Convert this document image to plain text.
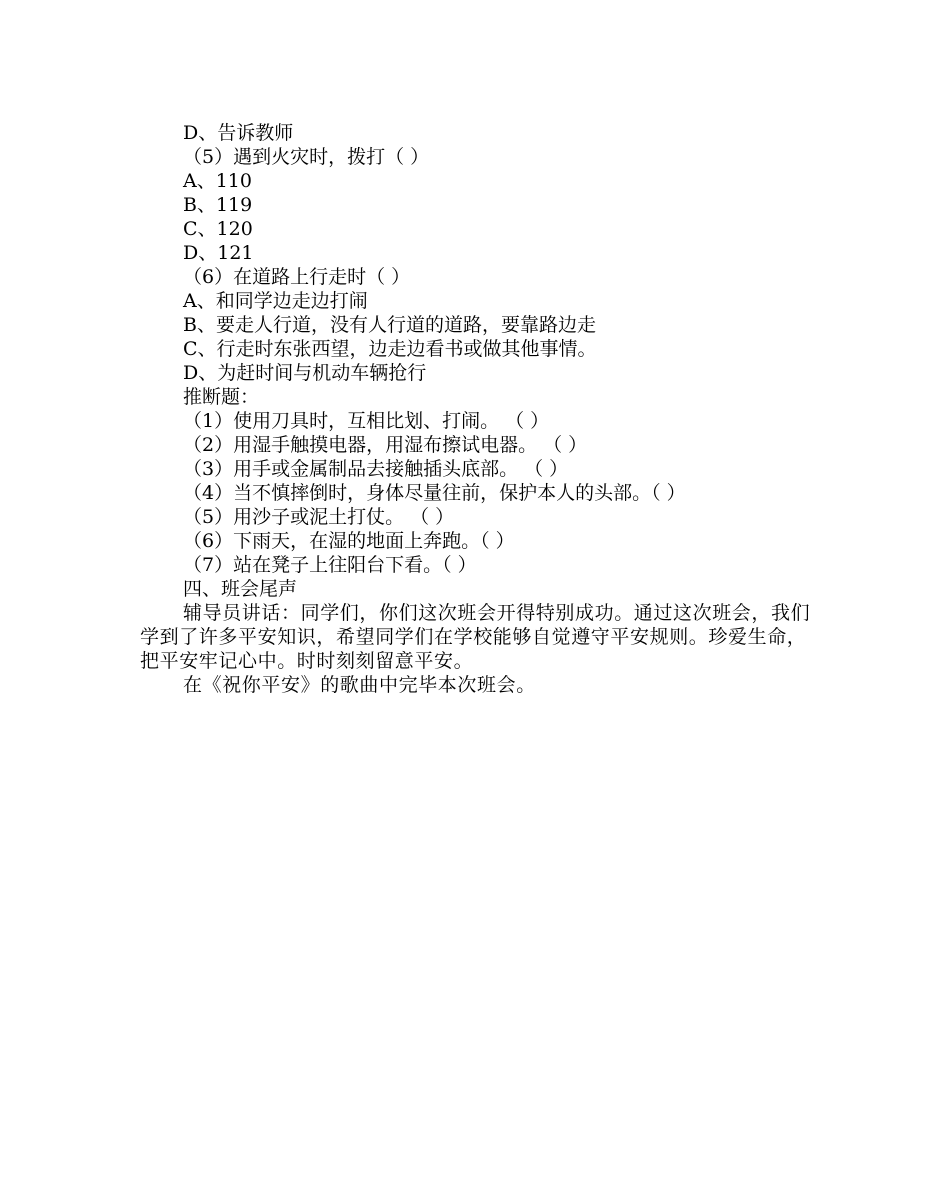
D、告诉教师

（5）遇到火灾时，拨打（ ）

A、110

B、119

C、120

D、121

（6）在道路上行走时（ ）

A、和同学边走边打闹

B、要走人行道，没有人行道的道路，要靠路边走

C、行走时东张西望，边走边看书或做其他事情。

D、为赶时间与机动车辆抢行

推断题：

（1）使用刀具时，互相比划、打闹。 （ ）

（2）用湿手触摸电器，用湿布擦试电器。 （ ）

（3）用手或金属制品去接触插头底部。 （ ）

（4）当不慎摔倒时，身体尽量往前，保护本人的头部。（ ）

（5）用沙子或泥土打仗。 （ ）

（6）下雨天，在湿的地面上奔跑。（ ）

（7）站在凳子上往阳台下看。（ ）

四、班会尾声

辅导员讲话：同学们，你们这次班会开得特别成功。通过这次班会，我们学到了许多平安知识，希望同学们在学校能够自觉遵守平安规则。珍爱生命，把平安牢记心中。时时刻刻留意平安。

在《祝你平安》的歌曲中完毕本次班会。
